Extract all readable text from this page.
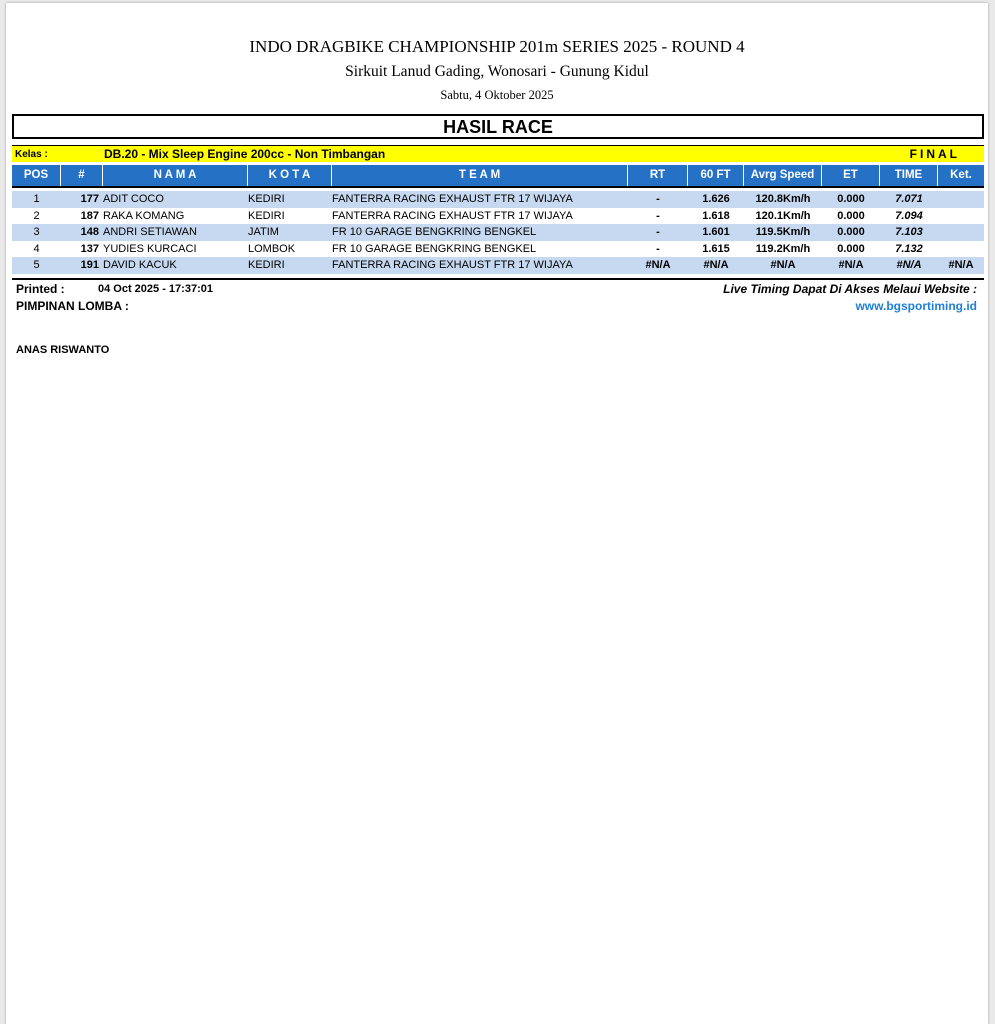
INDO DRAGBIKE CHAMPIONSHIP 201m SERIES 2025 - ROUND 4
Sirkuit Lanud Gading, Wonosari - Gunung Kidul
Sabtu, 4 Oktober 2025
HASIL RACE
Kelas :	DB.20 - Mix Sleep Engine 200cc - Non Timbangan	FINAL
POS	#	N A M A	K O T A	T E A M	RT	60 FT	Avrg Speed	ET	TIME	Ket.
1	177 ADIT COCO	KEDIRI	FANTERRA RACING EXHAUST FTR 17 WIJAYA	-	1.626	120.8Km/h	0.000	7.071
2	187 RAKA KOMANG	KEDIRI	FANTERRA RACING EXHAUST FTR 17 WIJAYA	-	1.618	120.1Km/h	0.000	7.094
3	148 ANDRI SETIAWAN	JATIM	FR 10 GARAGE BENGKRING BENGKEL	-	1.601	119.5Km/h	0.000	7.103
4	137 YUDIES KURCACI	LOMBOK	FR 10 GARAGE BENGKRING BENGKEL	-	1.615	119.2Km/h	0.000	7.132
5	191 DAVID KACUK	KEDIRI	FANTERRA RACING EXHAUST FTR 17 WIJAYA	#N/A	#N/A	#N/A	#N/A	#N/A	#N/A
Printed :	04 Oct 2025 - 17:37:01	Live Timing Dapat Di Akses Melaui Website :
www.bgsportiming.id
PIMPINAN LOMBA :
ANAS RISWANTO
